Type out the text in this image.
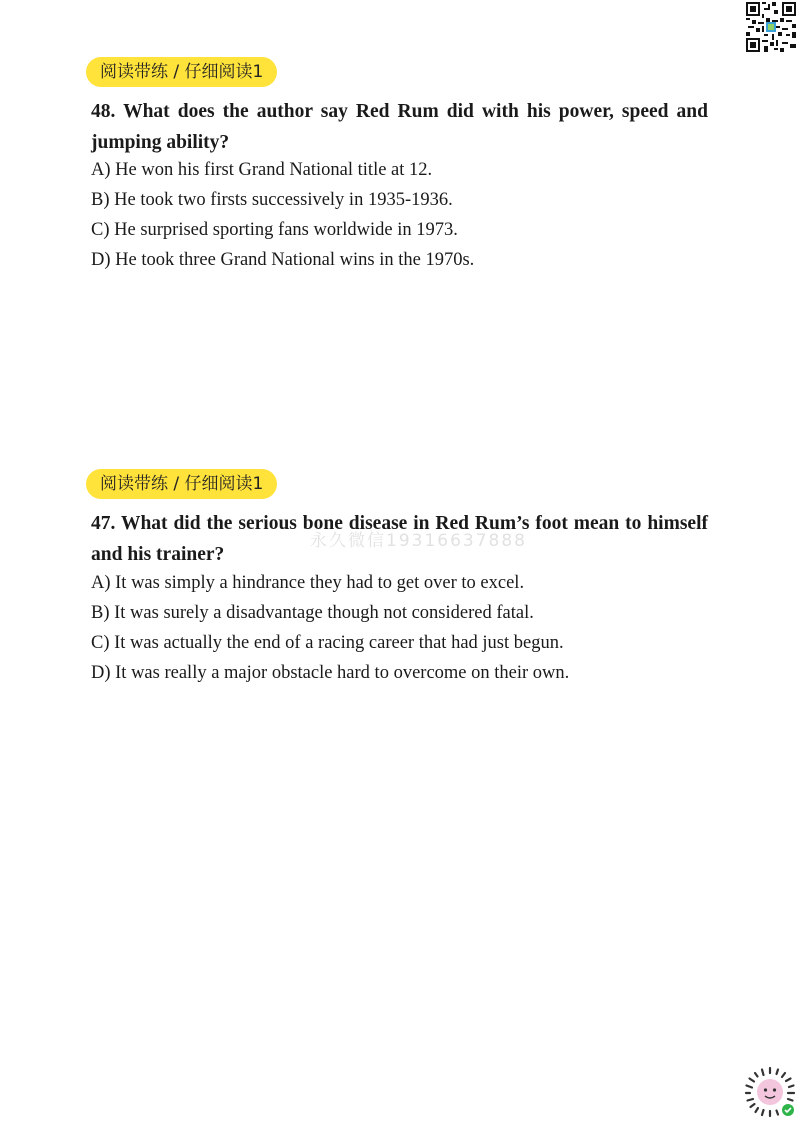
阅读带练 / 仔细阅读1
48. What does the author say Red Rum did with his power, speed and jumping ability?
A) He won his first Grand National title at 12.
B) He took two firsts successively in 1935-1936.
C) He surprised sporting fans worldwide in 1973.
D) He took three Grand National wins in the 1970s.
阅读带练 / 仔细阅读1
47. What did the serious bone disease in Red Rum’s foot mean to himself and his trainer?
A) It was simply a hindrance they had to get over to excel.
B) It was surely a disadvantage though not considered fatal.
C) It was actually the end of a racing career that had just begun.
D) It was really a major obstacle hard to overcome on their own.
永久微信19316637888
